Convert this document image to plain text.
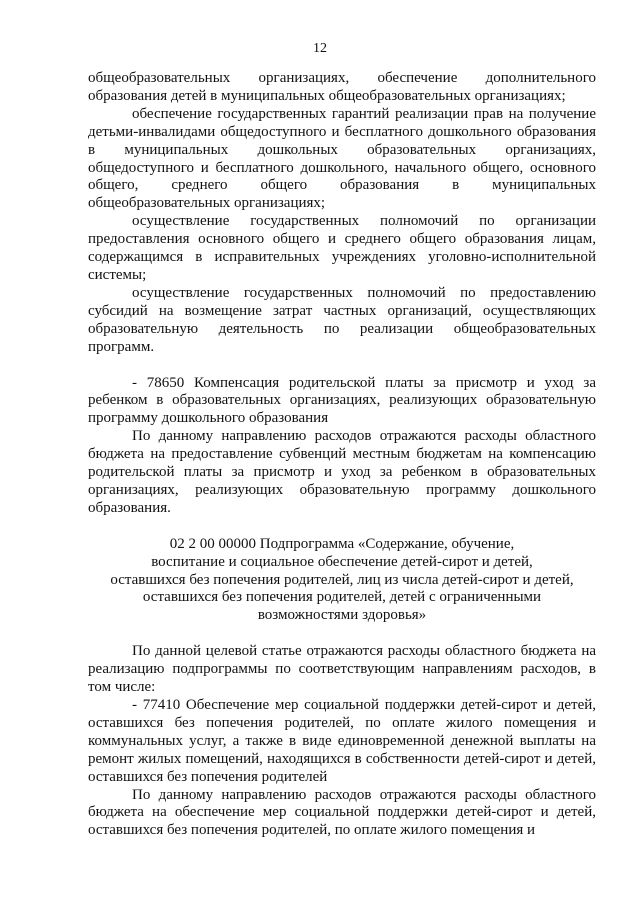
12

общеобразовательных организациях, обеспечение дополнительного образования детей в муниципальных общеобразовательных организациях;

обеспечение государственных гарантий реализации прав на получение детьми-инвалидами общедоступного и бесплатного дошкольного образования в муниципальных дошкольных образовательных организациях, общедоступного и бесплатного дошкольного, начального общего, основного общего, среднего общего образования в муниципальных общеобразовательных организациях;

осуществление государственных полномочий по организации предоставления основного общего и среднего общего образования лицам, содержащимся в исправительных учреждениях уголовно-исполнительной системы;

осуществление государственных полномочий по предоставлению субсидий на возмещение затрат частных организаций, осуществляющих образовательную деятельность по реализации общеобразовательных программ.

- 78650 Компенсация родительской платы за присмотр и уход за ребенком в образовательных организациях, реализующих образовательную программу дошкольного образования

По данному направлению расходов отражаются расходы областного бюджета на предоставление субвенций местным бюджетам на компенсацию родительской платы за присмотр и уход за ребенком в образовательных организациях, реализующих образовательную программу дошкольного образования.

02 2 00 00000 Подпрограмма «Содержание, обучение,
воспитание и социальное обеспечение детей-сирот и детей,
оставшихся без попечения родителей, лиц из числа детей-сирот и детей,
оставшихся без попечения родителей, детей с ограниченными
возможностями здоровья»

По данной целевой статье отражаются расходы областного бюджета на реализацию подпрограммы по соответствующим направлениям расходов, в том числе:

- 77410 Обеспечение мер социальной поддержки детей-сирот и детей, оставшихся без попечения родителей, по оплате жилого помещения и коммунальных услуг, а также в виде единовременной денежной выплаты на ремонт жилых помещений, находящихся в собственности детей-сирот и детей, оставшихся без попечения родителей

По данному направлению расходов отражаются расходы областного бюджета на обеспечение мер социальной поддержки детей-сирот и детей, оставшихся без попечения родителей, по оплате жилого помещения и
